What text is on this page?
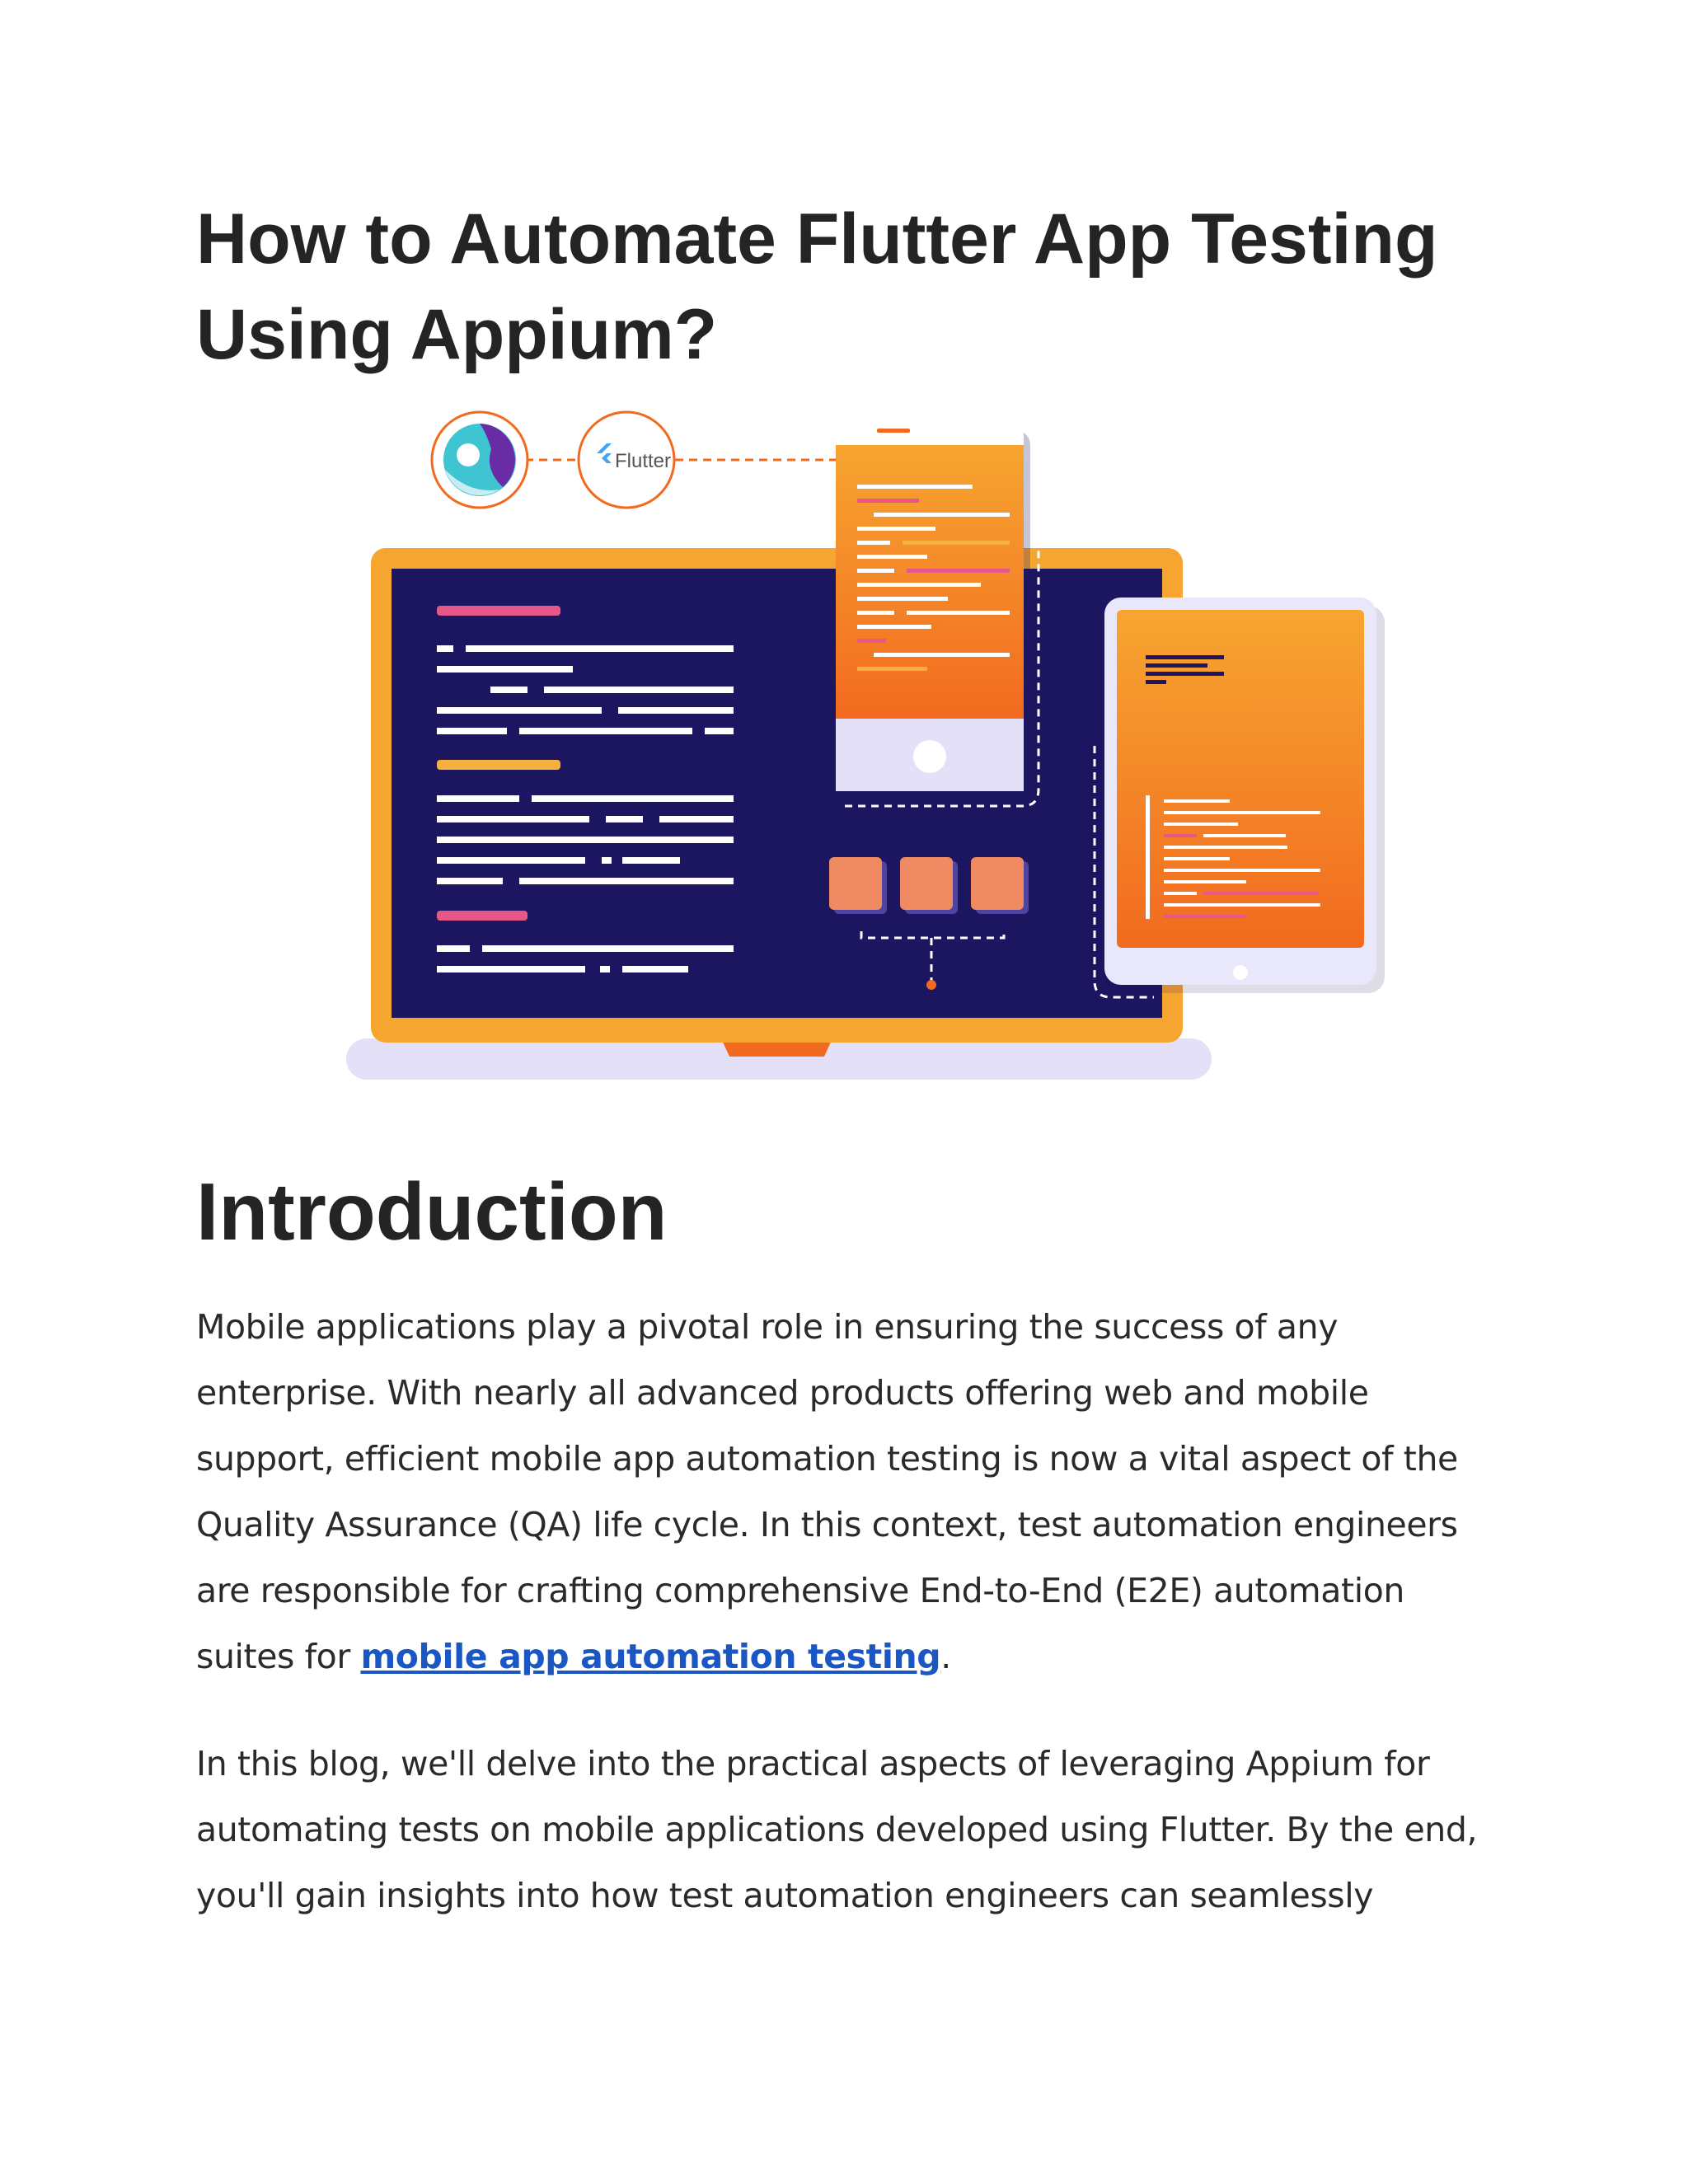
How to Automate Flutter App Testing Using Appium?
Flutter
Introduction

Mobile applications play a pivotal role in ensuring the success of any enterprise. With nearly all advanced products offering web and mobile support, efficient mobile app automation testing is now a vital aspect of the Quality Assurance (QA) life cycle. In this context, test automation engineers are responsible for crafting comprehensive End-to-End (E2E) automation suites for mobile app automation testing.

In this blog, we'll delve into the practical aspects of leveraging Appium for automating tests on mobile applications developed using Flutter. By the end, you'll gain insights into how test automation engineers can seamlessly
